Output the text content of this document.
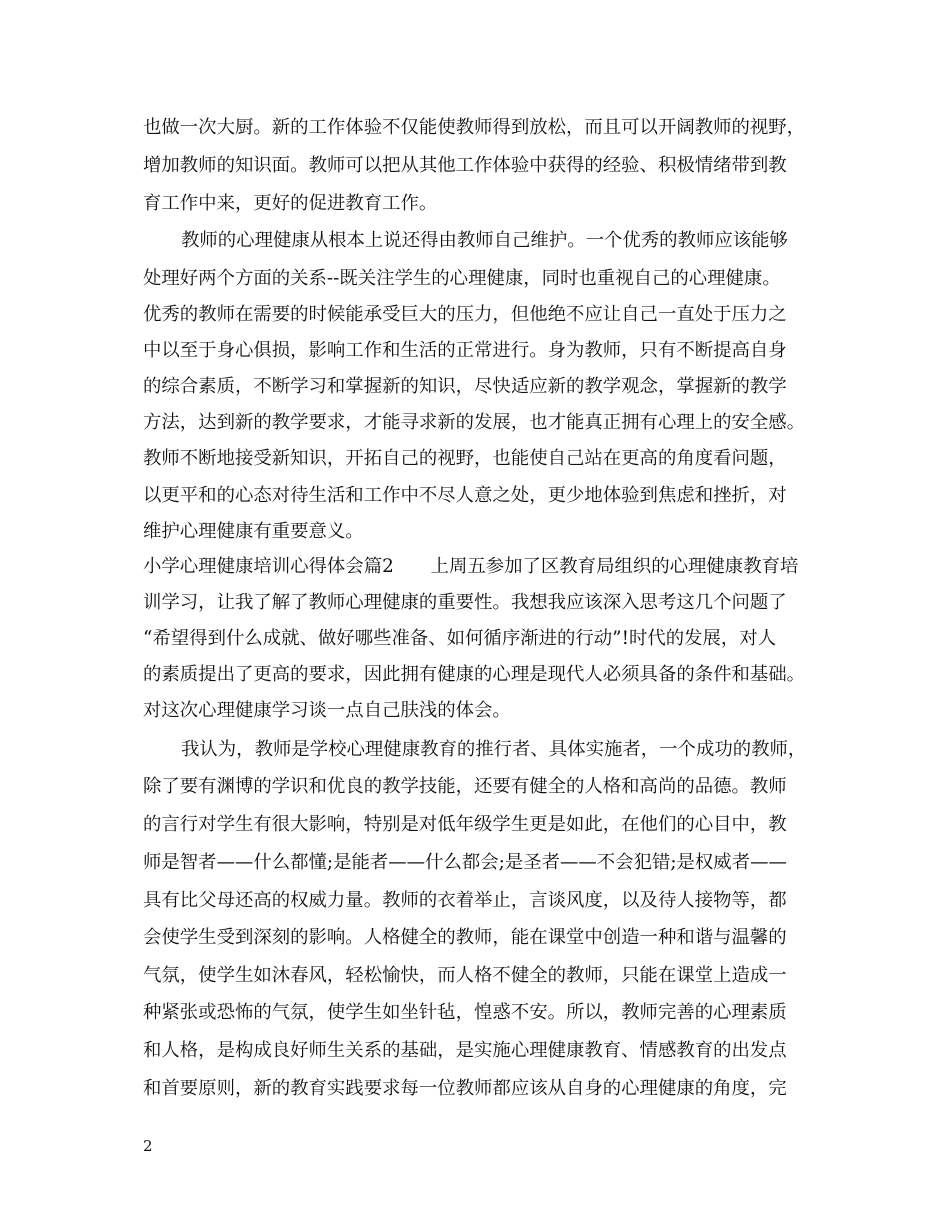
也做一次大厨。新的工作体验不仅能使教师得到放松，而且可以开阔教师的视野，
增加教师的知识面。教师可以把从其他工作体验中获得的经验、积极情绪带到教
育工作中来，更好的促进教育工作。
教师的心理健康从根本上说还得由教师自己维护。一个优秀的教师应该能够
处理好两个方面的关系--既关注学生的心理健康，同时也重视自己的心理健康。
优秀的教师在需要的时候能承受巨大的压力，但他绝不应让自己一直处于压力之
中以至于身心俱损，影响工作和生活的正常进行。身为教师，只有不断提高自身
的综合素质，不断学习和掌握新的知识，尽快适应新的教学观念，掌握新的教学
方法，达到新的教学要求，才能寻求新的发展，也才能真正拥有心理上的安全感。
教师不断地接受新知识，开拓自己的视野，也能使自己站在更高的角度看问题，
以更平和的心态对待生活和工作中不尽人意之处，更少地体验到焦虑和挫折，对
维护心理健康有重要意义。
小学心理健康培训心得体会篇2　　上周五参加了区教育局组织的心理健康教育培
训学习，让我了解了教师心理健康的重要性。我想我应该深入思考这几个问题了
“希望得到什么成就、做好哪些准备、如何循序渐进的行动”!时代的发展，对人
的素质提出了更高的要求，因此拥有健康的心理是现代人必须具备的条件和基础。
对这次心理健康学习谈一点自己肤浅的体会。
我认为，教师是学校心理健康教育的推行者、具体实施者，一个成功的教师，
除了要有渊博的学识和优良的教学技能，还要有健全的人格和高尚的品德。教师
的言行对学生有很大影响，特别是对低年级学生更是如此，在他们的心目中，教
师是智者——什么都懂;是能者——什么都会;是圣者——不会犯错;是权威者——
具有比父母还高的权威力量。教师的衣着举止，言谈风度，以及待人接物等，都
会使学生受到深刻的影响。人格健全的教师，能在课堂中创造一种和谐与温馨的
气氛，使学生如沐春风，轻松愉快，而人格不健全的教师，只能在课堂上造成一
种紧张或恐怖的气氛，使学生如坐针毡，惶惑不安。所以，教师完善的心理素质
和人格，是构成良好师生关系的基础，是实施心理健康教育、情感教育的出发点
和首要原则，新的教育实践要求每一位教师都应该从自身的心理健康的角度，完
2
